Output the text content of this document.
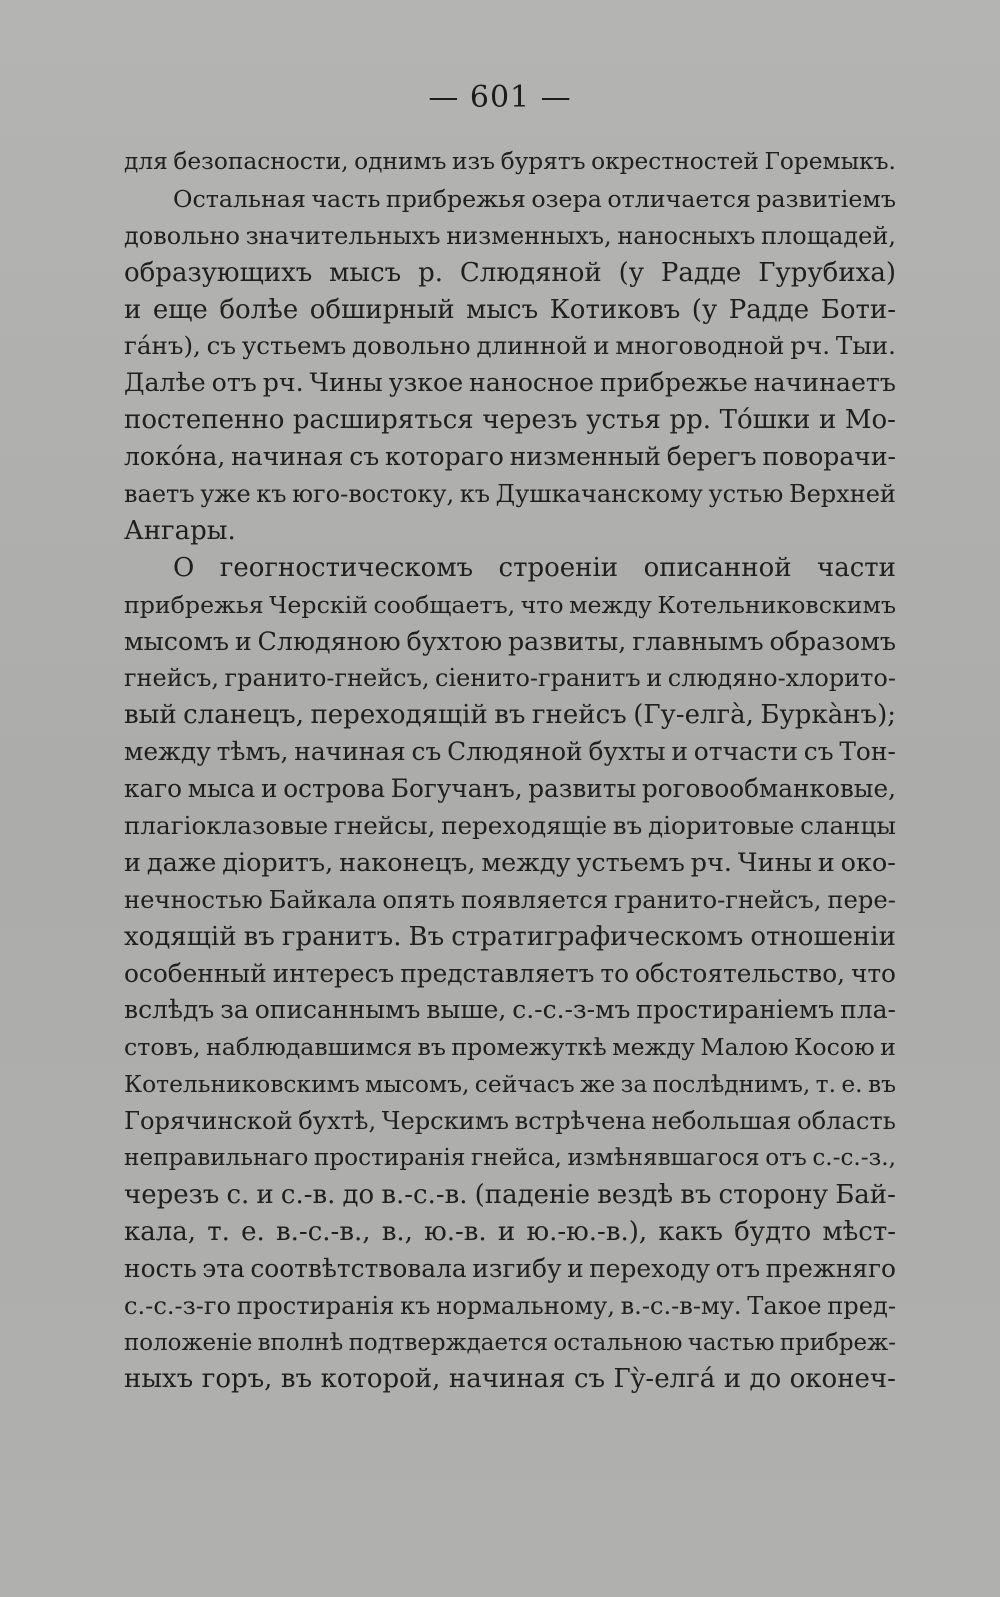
— 601 —
для безопасности, однимъ изъ бурятъ окрестностей Горемыкъ.
Остальная часть прибрежья озера отличается развитіемъ
довольно значительныхъ низменныхъ, наносныхъ площадей,
образующихъ мысъ р. Слюдяной (у Радде Гурубиха)
и еще болѣе обширный мысъ Котиковъ (у Радде Боти-
гáнъ), съ устьемъ довольно длинной и многоводной рч. Тыи.
Далѣе отъ рч. Чины узкое наносное прибрежье начинаетъ
постепенно расширяться черезъ устья рр. Тóшки и Мо-
локóна, начиная съ котораго низменный берегъ поворачи-
ваетъ уже къ юго-востоку, къ Душкачанскому устью Верхней
Ангары.
О геогностическомъ строеніи описанной части
прибрежья Черскій сообщаетъ, что между Котельниковскимъ
мысомъ и Слюдяною бухтою развиты, главнымъ образомъ
гнейсъ, гранито-гнейсъ, сіенито-гранитъ и слюдяно-хлорито-
вый сланецъ, переходящій въ гнейсъ (Гу-елгà, Буркàнъ);
между тѣмъ, начиная съ Слюдяной бухты и отчасти съ Тон-
каго мыса и острова Богучанъ, развиты роговообманковые,
плагіоклазовые гнейсы, переходящіе въ діоритовые сланцы
и даже діоритъ, наконецъ, между устьемъ рч. Чины и око-
нечностью Байкала опять появляется гранито-гнейсъ, пере-
ходящій въ гранитъ. Въ стратиграфическомъ отношеніи
особенный интересъ представляетъ то обстоятельство, что
вслѣдъ за описаннымъ выше, с.-с.-з-мъ простираніемъ пла-
стовъ, наблюдавшимся въ промежуткѣ между Малою Косою и
Котельниковскимъ мысомъ, сейчасъ же за послѣднимъ, т. е. въ
Горячинской бухтѣ, Черскимъ встрѣчена небольшая область
неправильнаго простиранія гнейса, измѣнявшагося отъ с.-с.-з.,
черезъ с. и с.-в. до в.-с.-в. (паденіе вездѣ въ сторону Бай-
кала, т. е. в.-с.-в., в., ю.-в. и ю.-ю.-в.), какъ будто мѣст-
ность эта соотвѣтствовала изгибу и переходу отъ прежняго
с.-с.-з-го простиранія къ нормальному, в.-с.-в-му. Такое пред-
положеніе вполнѣ подтверждается остальною частью прибреж-
ныхъ горъ, въ которой, начиная съ Гỳ-елгá и до оконеч-
